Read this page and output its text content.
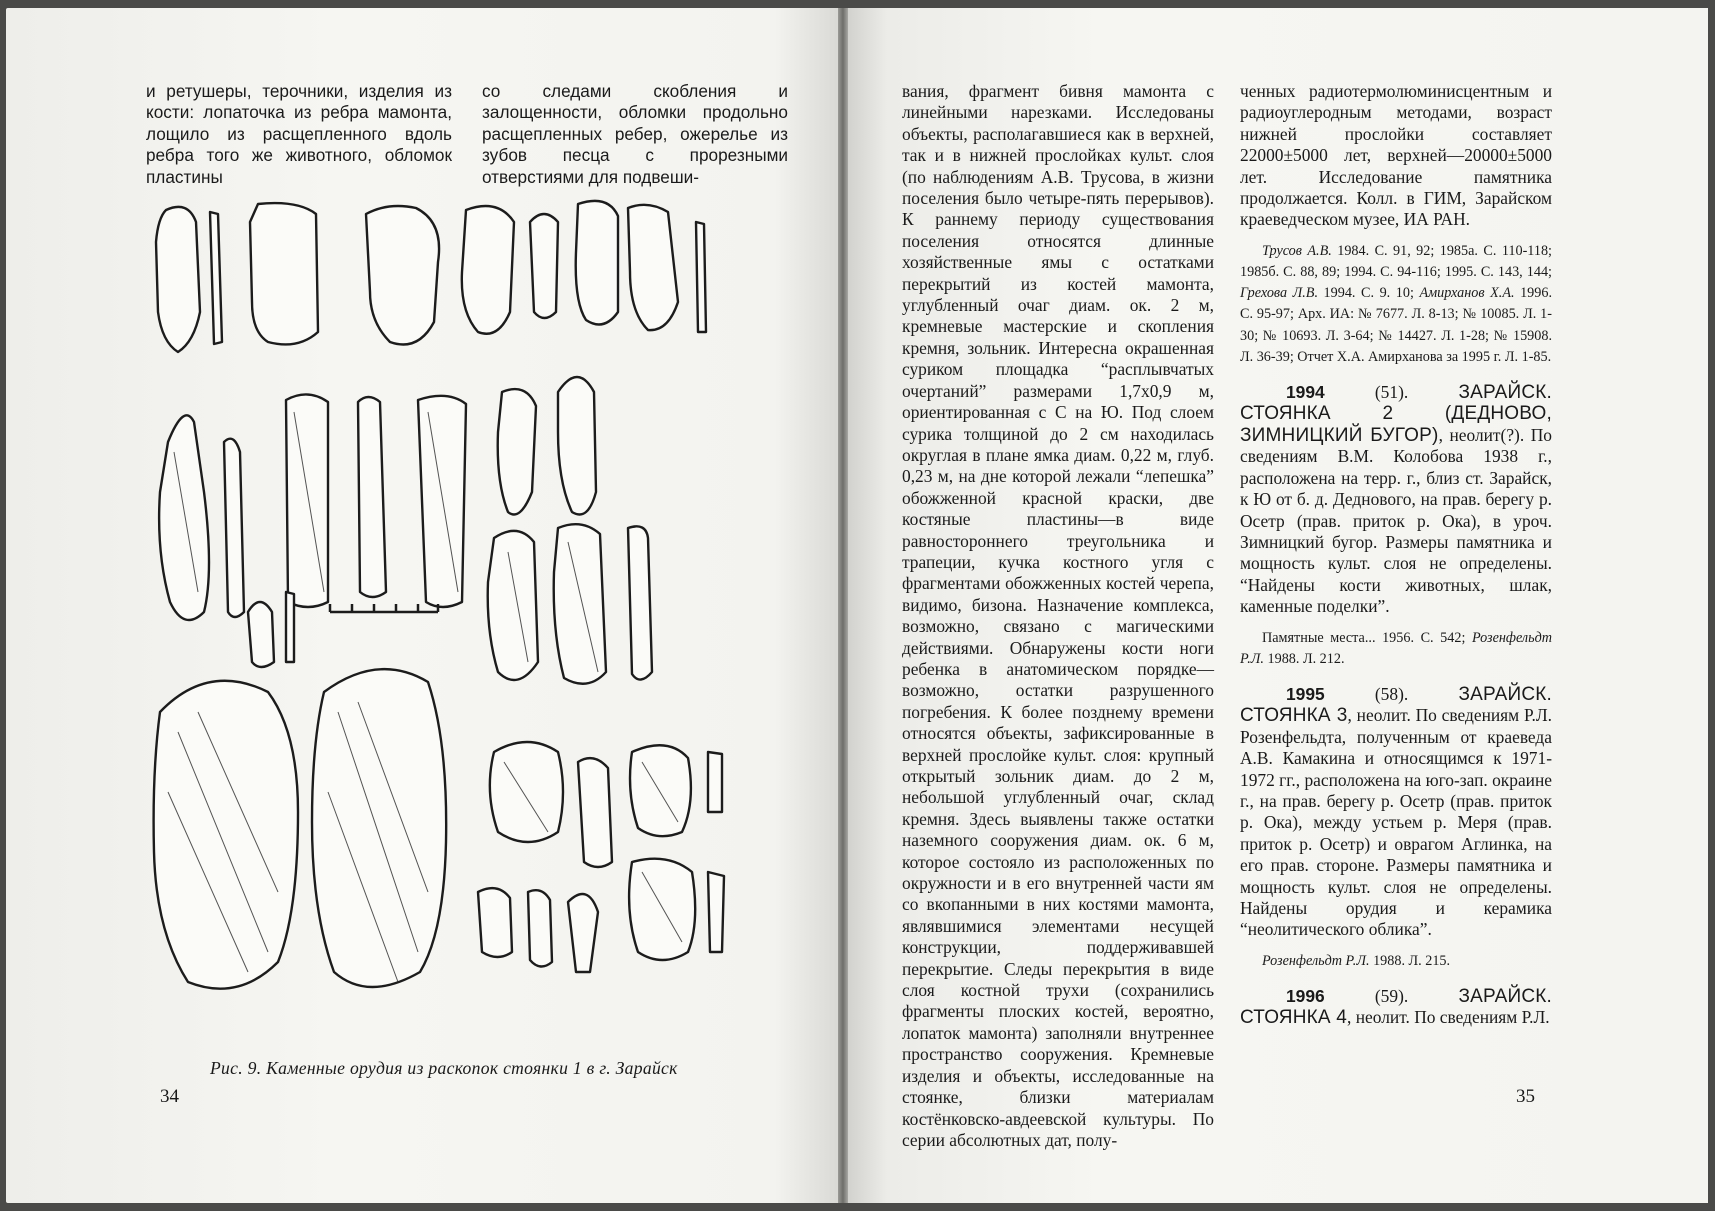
и ретушеры, терочники, изделия из кости: лопаточка из ребра мамонта, лощило из расщепленного вдоль ребра того же животного, обломок пластины

со следами скобления и залощенности, обломки продольно расщепленных ребер, ожерелье из зубов песца с прорезными отверстиями для подвеши-

Рис. 9. Каменные орудия из раскопок стоянки 1 в г. Зарайск
34

вания, фрагмент бивня мамонта с линейными нарезками. Исследованы объекты, располагавшиеся как в верхней, так и в нижней прослойках культ. слоя (по наблюдениям А.В. Трусова, в жизни поселения было четыре-пять перерывов). К раннему периоду существования поселения относятся длинные хозяйственные ямы с остатками перекрытий из костей мамонта, углубленный очаг диам. ок. 2 м, кремневые мастерские и скопления кремня, зольник. Интересна окрашенная суриком площадка “расплывчатых очертаний” размерами 1,7х0,9 м, ориентированная с С на Ю. Под слоем сурика толщиной до 2 см находилась округлая в плане ямка диам. 0,22 м, глуб. 0,23 м, на дне которой лежали “лепешка” обожженной красной краски, две костяные пластины—в виде равностороннего треугольника и трапеции, кучка костного угля с фрагментами обожженных костей черепа, видимо, бизона. Назначение комплекса, возможно, связано с магическими действиями. Обнаружены кости ноги ребенка в анатомическом порядке—возможно, остатки разрушенного погребения. К более позднему времени относятся объекты, зафиксированные в верхней прослойке культ. слоя: крупный открытый зольник диам. до 2 м, небольшой углубленный очаг, склад кремня. Здесь выявлены также остатки наземного сооружения диам. ок. 6 м, которое состояло из расположенных по окружности и в его внутренней части ям со вкопанными в них костями мамонта, являвшимися элементами несущей конструкции, поддерживавшей перекрытие. Следы перекрытия в виде слоя костной трухи (сохранились фрагменты плоских костей, вероятно, лопаток мамонта) заполняли внутреннее пространство сооружения. Кремневые изделия и объекты, исследованные на стоянке, близки материалам костёнковско-авдеевской культуры. По серии абсолютных дат, полу-

ченных радиотермолюминисцентным и радиоуглеродным методами, возраст нижней прослойки составляет 22000±5000 лет, верхней—20000±5000 лет. Исследование памятника продолжается. Колл. в ГИМ, Зарайском краеведческом музее, ИА РАН.

Трусов А.В. 1984. С. 91, 92; 1985а. С. 110-118; 1985б. С. 88, 89; 1994. С. 94-116; 1995. С. 143, 144; Грехова Л.В. 1994. С. 9. 10; Амирханов Х.А. 1996. С. 95-97; Арх. ИА: № 7677. Л. 8-13; № 10085. Л. 1-30; № 10693. Л. 3-64; № 14427. Л. 1-28; № 15908. Л. 36-39; Отчет Х.А. Амирханова за 1995 г. Л. 1-85.

1994 (51). ЗАРАЙСК. СТОЯНКА 2 (ДЕДНОВО, ЗИМНИЦКИЙ БУГОР), неолит(?). По сведениям В.М. Колобова 1938 г., расположена на терр. г., близ ст. Зарайск, к Ю от б. д. Деднового, на прав. берегу р. Осетр (прав. приток р. Ока), в уроч. Зимницкий бугор. Размеры памятника и мощность культ. слоя не определены. “Найдены кости животных, шлак, каменные поделки”.

Памятные места... 1956. С. 542; Розенфельдт Р.Л. 1988. Л. 212.

1995 (58). ЗАРАЙСК. СТОЯНКА 3, неолит. По сведениям Р.Л. Розенфельдта, полученным от краеведа А.В. Камакина и относящимся к 1971-1972 гг., расположена на юго-зап. окраине г., на прав. берегу р. Осетр (прав. приток р. Ока), между устьем р. Меря (прав. приток р. Осетр) и оврагом Аглинка, на его прав. стороне. Размеры памятника и мощность культ. слоя не определены. Найдены орудия и керамика “неолитического облика”.

Розенфельдт Р.Л. 1988. Л. 215.

1996 (59). ЗАРАЙСК. СТОЯНКА 4, неолит. По сведениям Р.Л.

35
